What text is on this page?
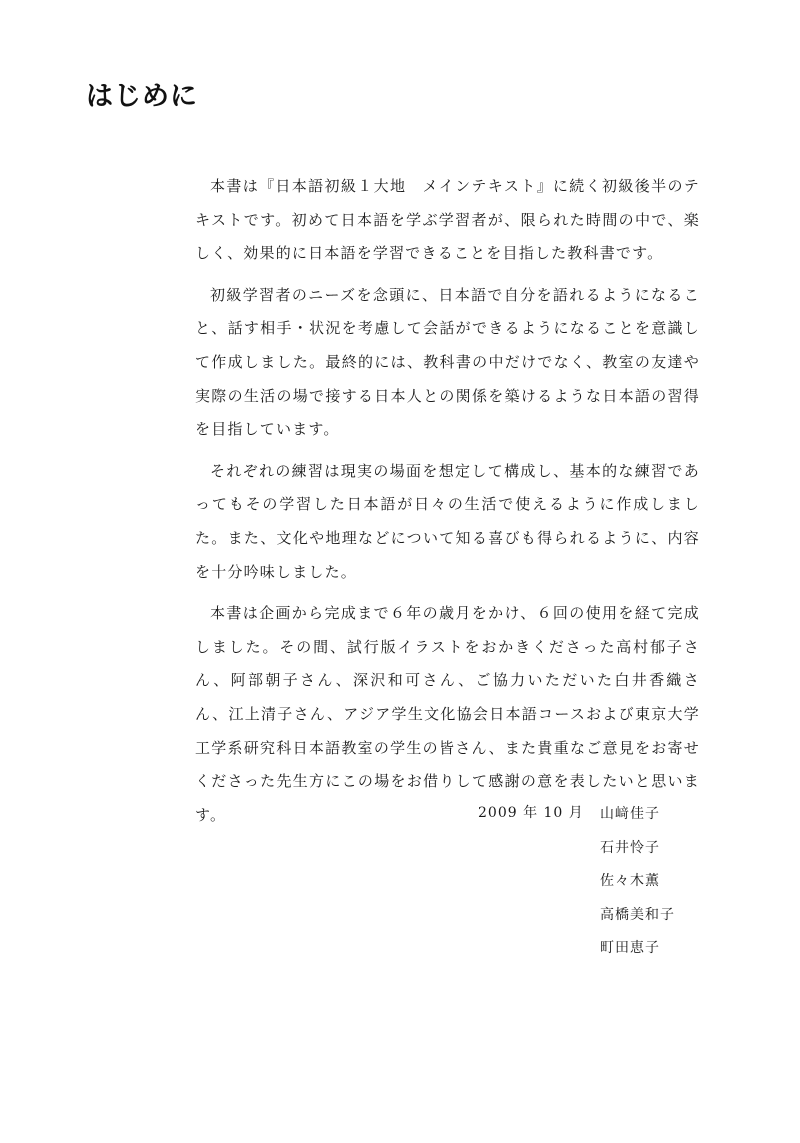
はじめに

本書は『日本語初級１大地　メインテキスト』に続く初級後半のテキストです。初めて日本語を学ぶ学習者が、限られた時間の中で、楽しく、効果的に日本語を学習できることを目指した教科書です。

初級学習者のニーズを念頭に、日本語で自分を語れるようになること、話す相手・状況を考慮して会話ができるようになることを意識して作成しました。最終的には、教科書の中だけでなく、教室の友達や実際の生活の場で接する日本人との関係を築けるような日本語の習得を目指しています。

それぞれの練習は現実の場面を想定して構成し、基本的な練習であってもその学習した日本語が日々の生活で使えるように作成しました。また、文化や地理などについて知る喜びも得られるように、内容を十分吟味しました。

本書は企画から完成まで６年の歳月をかけ、６回の使用を経て完成しました。その間、試行版イラストをおかきくださった高村郁子さん、阿部朝子さん、深沢和可さん、ご協力いただいた白井香織さん、江上清子さん、アジア学生文化協会日本語コースおよび東京大学工学系研究科日本語教室の学生の皆さん、また貴重なご意見をお寄せくださった先生方にこの場をお借りして感謝の意を表したいと思います。	2009 年 10 月 山﨑佳子
石井怜子
佐々木薫
高橋美和子
町田恵子
